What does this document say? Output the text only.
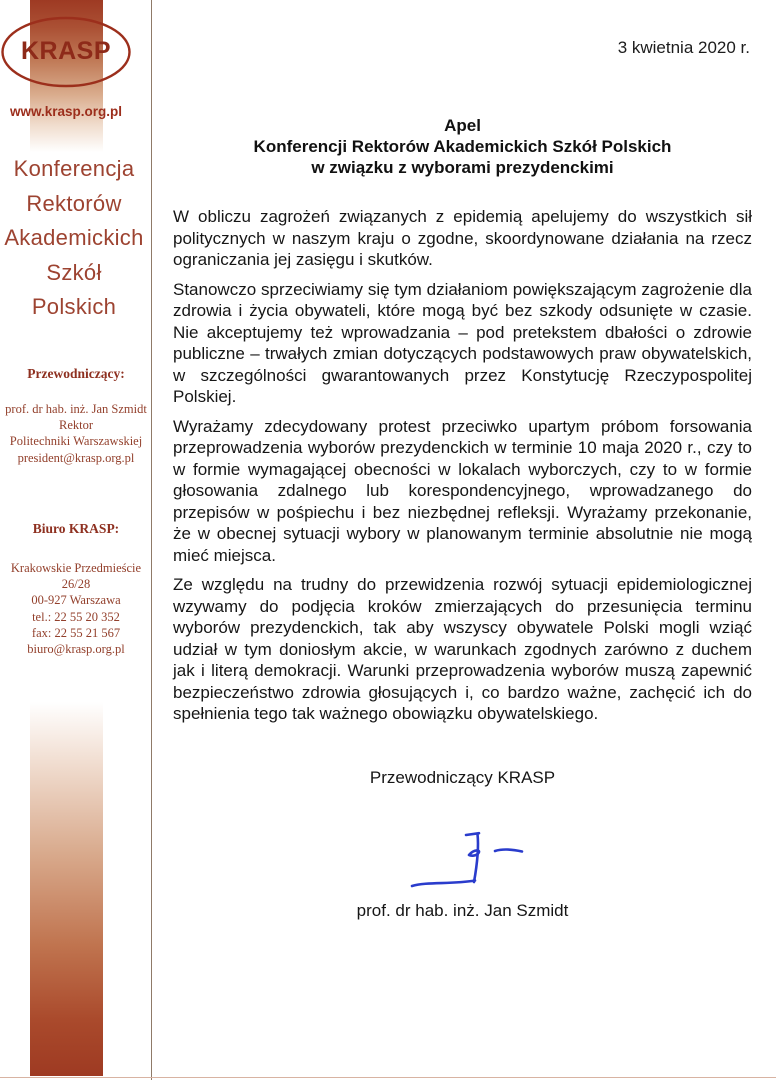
KRASP
www.krasp.org.pl
Konferencja
Rektorów
Akademickich
Szkół
Polskich
Przewodniczący:
prof. dr hab. inż. Jan Szmidt
Rektor
Politechniki Warszawskiej
president@krasp.org.pl
Biuro KRASP:
Krakowskie Przedmieście 26/28
00-927 Warszawa
tel.: 22 55 20 352
fax: 22 55 21 567
biuro@krasp.org.pl
3 kwietnia 2020 r.
Apel
Konferencji Rektorów Akademickich Szkół Polskich
w związku z wyborami prezydenckimi

W obliczu zagrożeń związanych z epidemią apelujemy do wszystkich sił politycznych w naszym kraju o zgodne, skoordynowane działania na rzecz ograniczania jej zasięgu i skutków.

Stanowczo sprzeciwiamy się tym działaniom powiększającym zagrożenie dla zdrowia i życia obywateli, które mogą być bez szkody odsunięte w czasie. Nie akceptujemy też wprowadzania – pod pretekstem dbałości o zdrowie publiczne – trwałych zmian dotyczących podstawowych praw obywatelskich, w szczególności gwarantowanych przez Konstytucję Rzeczypospolitej Polskiej.

Wyrażamy zdecydowany protest przeciwko upartym próbom forsowania przeprowadzenia wyborów prezydenckich w terminie 10 maja 2020 r., czy to w formie wymagającej obecności w lokalach wyborczych, czy to w formie głosowania zdalnego lub korespondencyjnego, wprowadzanego do przepisów w pośpiechu i bez niezbędnej refleksji. Wyrażamy przekonanie, że w obecnej sytuacji wybory w planowanym terminie absolutnie nie mogą mieć miejsca.

Ze względu na trudny do przewidzenia rozwój sytuacji epidemiologicznej wzywamy do podjęcia kroków zmierzających do przesunięcia terminu wyborów prezydenckich, tak aby wszyscy obywatele Polski mogli wziąć udział w tym doniosłym akcie, w warunkach zgodnych zarówno z duchem jak i literą demokracji. Warunki przeprowadzenia wyborów muszą zapewnić bezpieczeństwo zdrowia głosujących i, co bardzo ważne, zachęcić ich do spełnienia tego tak ważnego obowiązku obywatelskiego.

Przewodniczący KRASP
prof. dr hab. inż. Jan Szmidt
